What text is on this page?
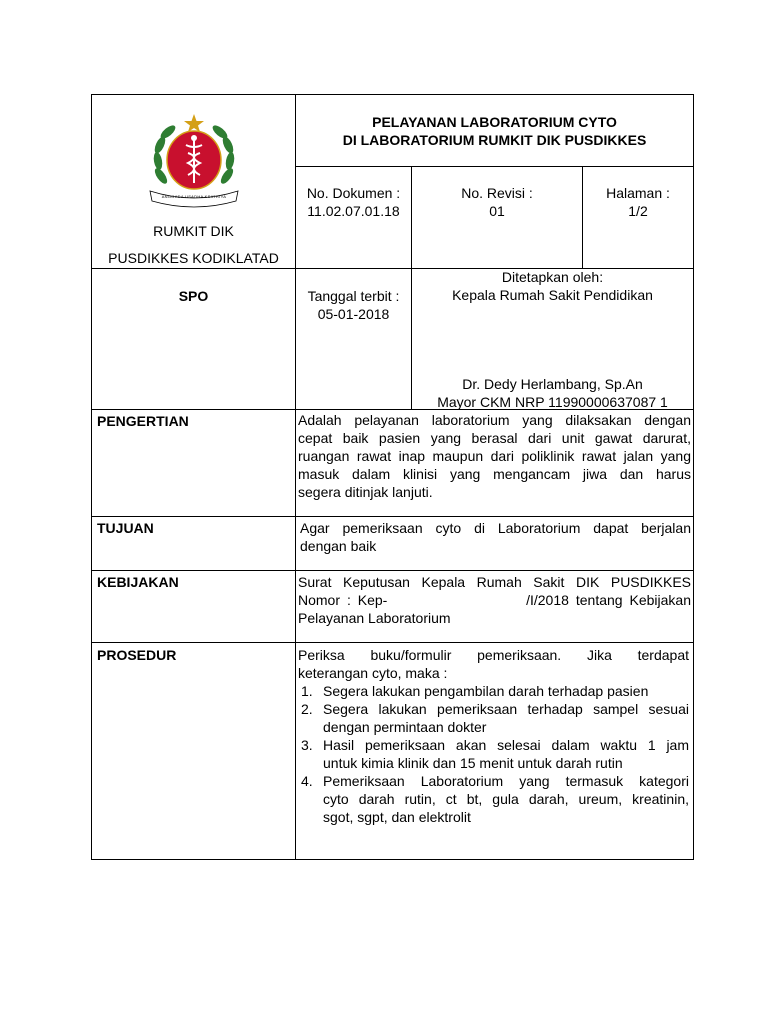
ANGGADA USADHA KSATRIYA
RUMKIT DIK
PUSDIKKES KODIKLATAD
PELAYANAN LABORATORIUM CYTO
DI LABORATORIUM RUMKIT DIK PUSDIKKES
No. Dokumen :
11.02.07.01.18
No. Revisi :
01
Halaman :
1/2
SPO	Tanggal terbit :
05-01-2018
Ditetapkan oleh:
Kepala Rumah Sakit Pendidikan
Dr. Dedy Herlambang, Sp.An
Mayor CKM NRP 11990000637087 1
PENGERTIAN
TUJUAN
KEBIJAKAN
PROSEDUR
Adalah pelayanan laboratorium yang dilaksakan dengan
cepat baik pasien yang berasal dari unit gawat darurat,
ruangan rawat inap maupun dari poliklinik rawat jalan yang
masuk dalam klinisi yang mengancam jiwa dan harus
segera ditinjak lanjuti.
Agar pemeriksaan cyto di Laboratorium dapat berjalan
dengan baik
Surat Keputusan Kepala Rumah Sakit DIK PUSDIKKES
Nomor : Kep-                    /I/2018 tentang Kebijakan
Pelayanan Laboratorium
Periksa buku/formulir pemeriksaan. Jika terdapat
keterangan cyto, maka :
1. Segera lakukan pengambilan darah terhadap pasien
2. Segera lakukan pemeriksaan terhadap sampel sesuai
dengan permintaan dokter
3. Hasil pemeriksaan akan selesai dalam waktu 1 jam
untuk kimia klinik dan 15 menit untuk darah rutin
4. Pemeriksaan Laboratorium yang termasuk kategori
cyto darah rutin, ct bt, gula darah, ureum, kreatinin,
sgot, sgpt, dan elektrolit
